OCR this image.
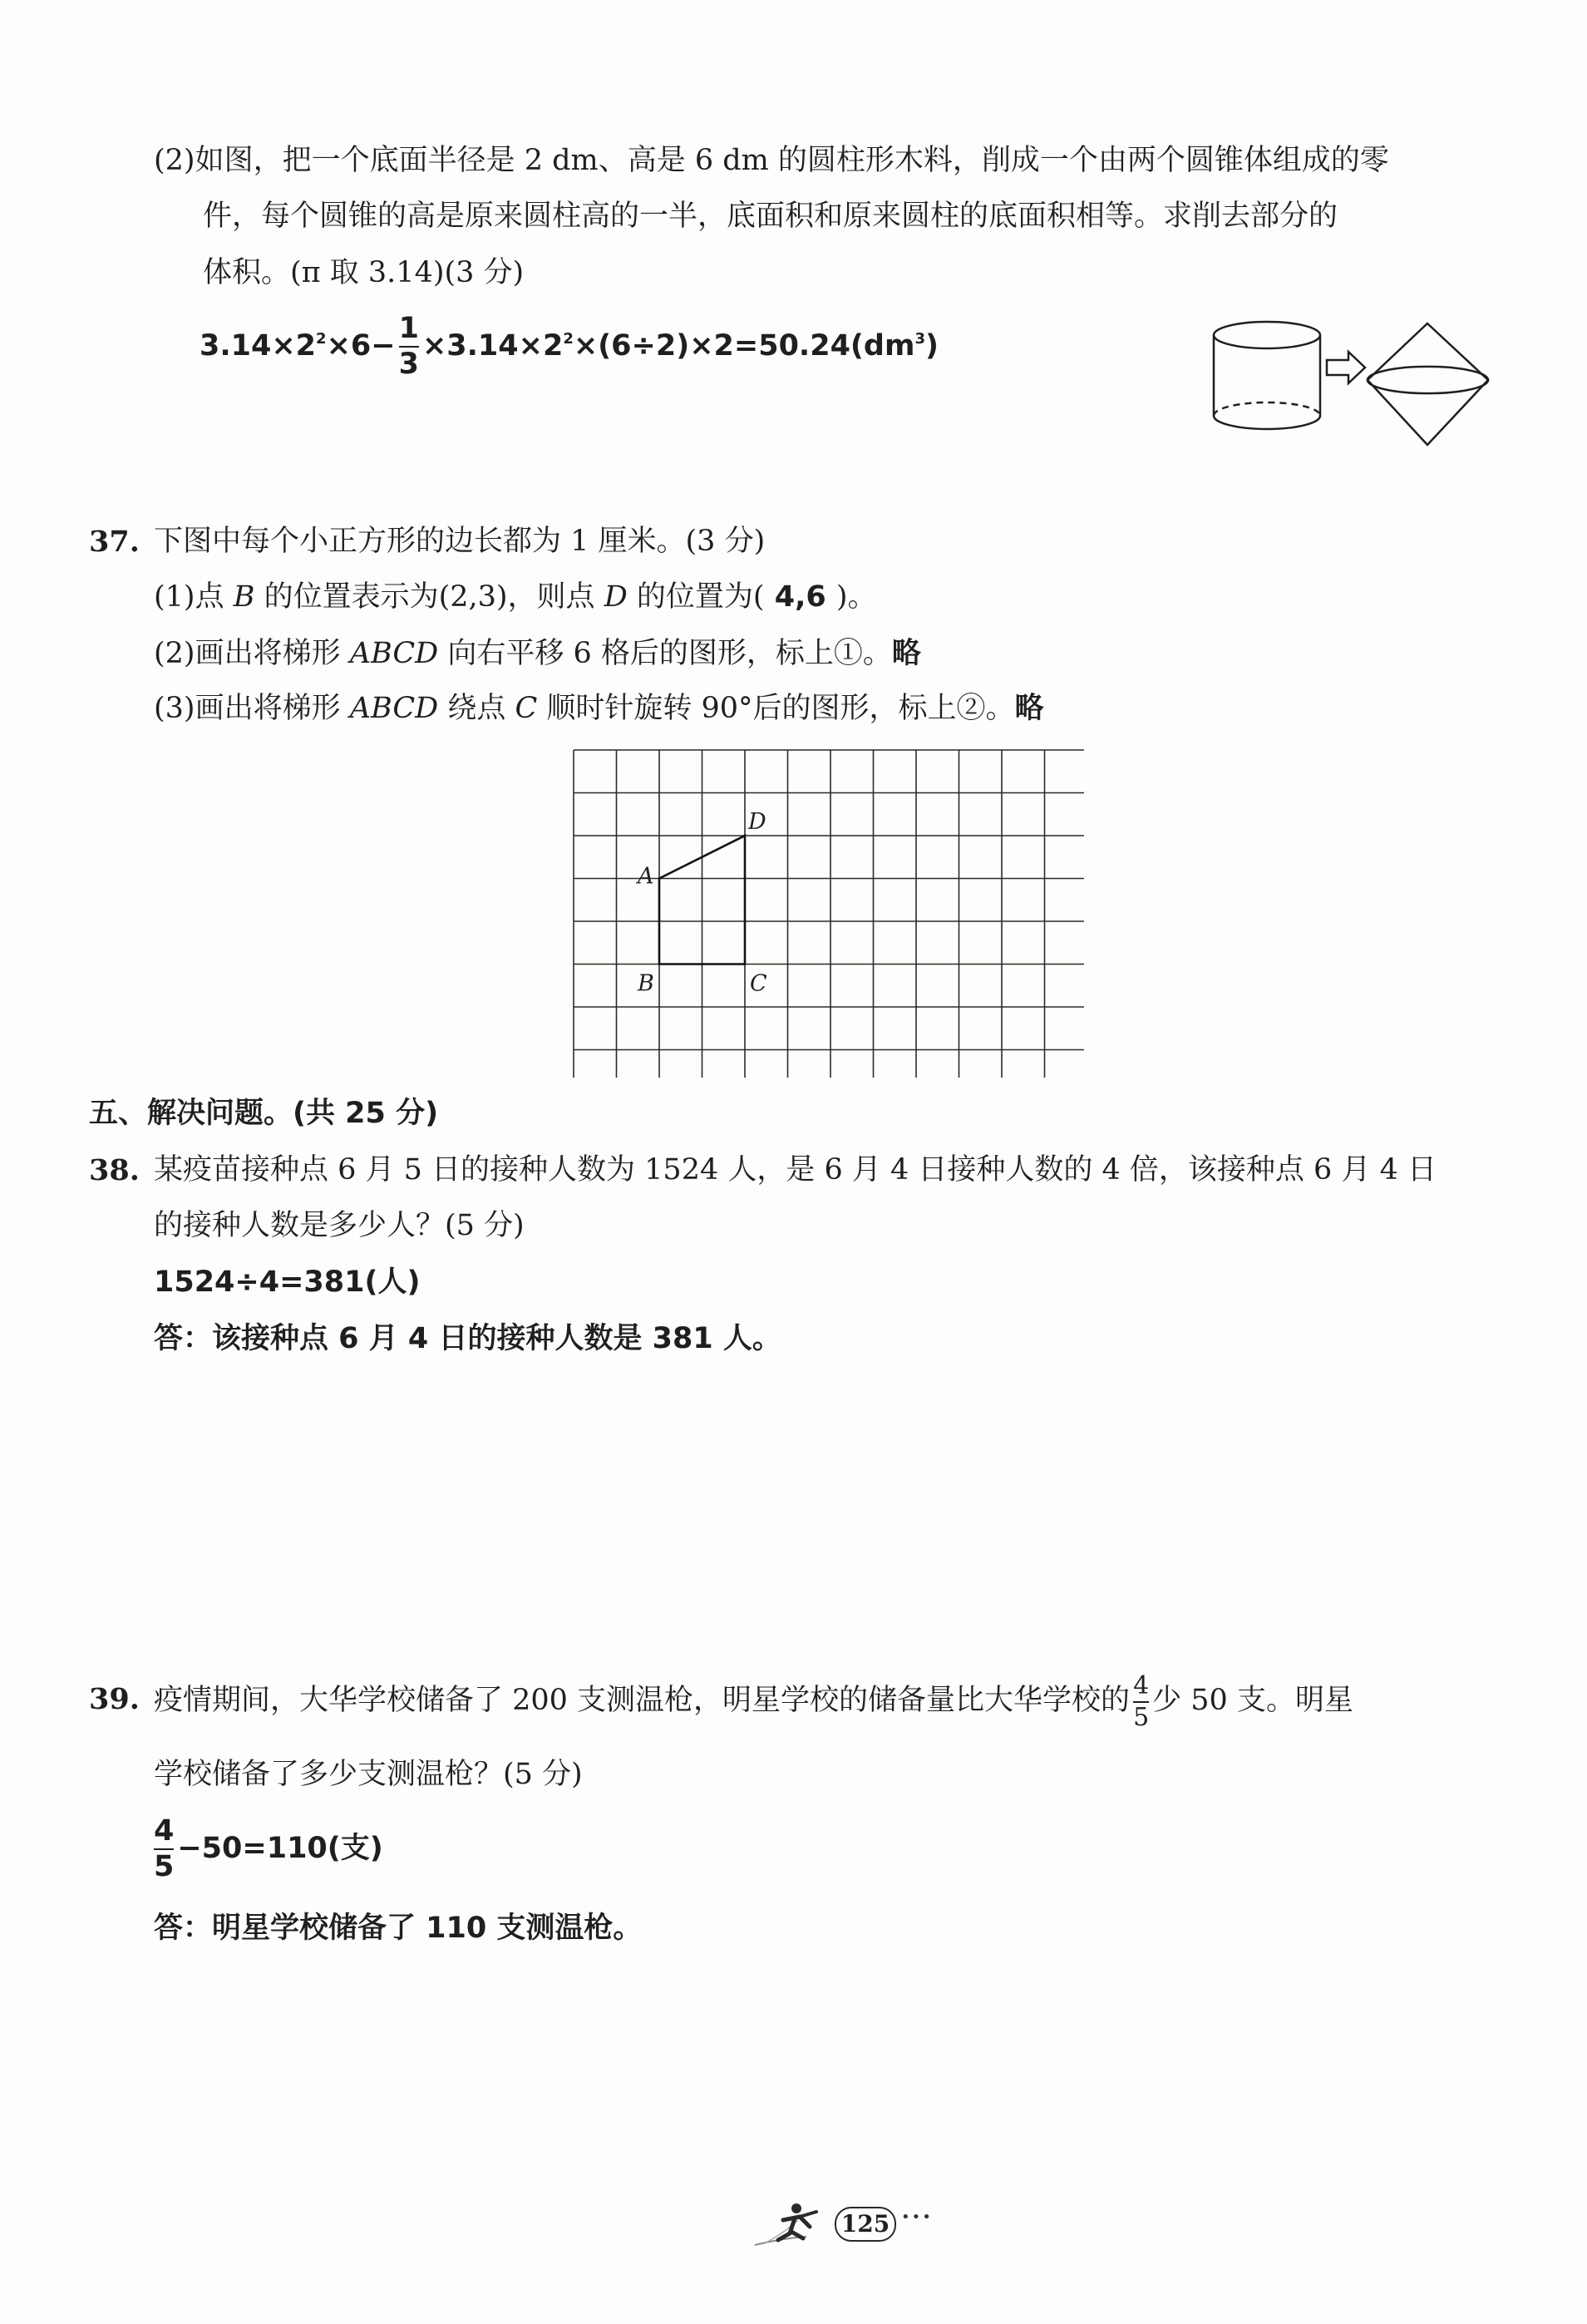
(2)如图，把一个底面半径是 2 dm、高是 6 dm 的圆柱形木料，削成一个由两个圆锥体组成的零
件，每个圆锥的高是原来圆柱高的一半，底面积和原来圆柱的底面积相等。求削去部分的
体积。(π 取 3.14)(3 分)
$3.14\times 2^2\times 6- \frac{1}{3} \times 3.14\times 2^2\times(6\div 2)\times 2=50.24(dm^3)$
37. 下图中每个小正方形的边长都为 1 厘米。(3 分)
(1)点 B 的位置表示为(2,3)，则点 D 的位置为( 4,6 )。
(2)画出将梯形 ABCD 向右平移 6 格后的图形，标上①。略
(3)画出将梯形 ABCD 绕点 C 顺时针旋转 90°后的图形，标上②。略
A
B	C
D
五、解决问题。(共 25 分)
38. 某疫苗接种点 6 月 5 日的接种人数为 1524 人，是 6 月 4 日接种人数的 4 倍，该接种点 6 月 4 日
的接种人数是多少人？(5 分)
1524÷4=381(人)
答：该接种点 6 月 4 日的接种人数是 381 人。
39. 疫情期间，大华学校储备了 200 支测温枪，明星学校的储备量比大华学校的 $\frac{4}{5}$ 少 50 支。明星
学校储备了多少支测温枪？(5 分)
$\frac{4}{5} -50=110$(支)
答：明星学校储备了 110 支测温枪。
125 •••
